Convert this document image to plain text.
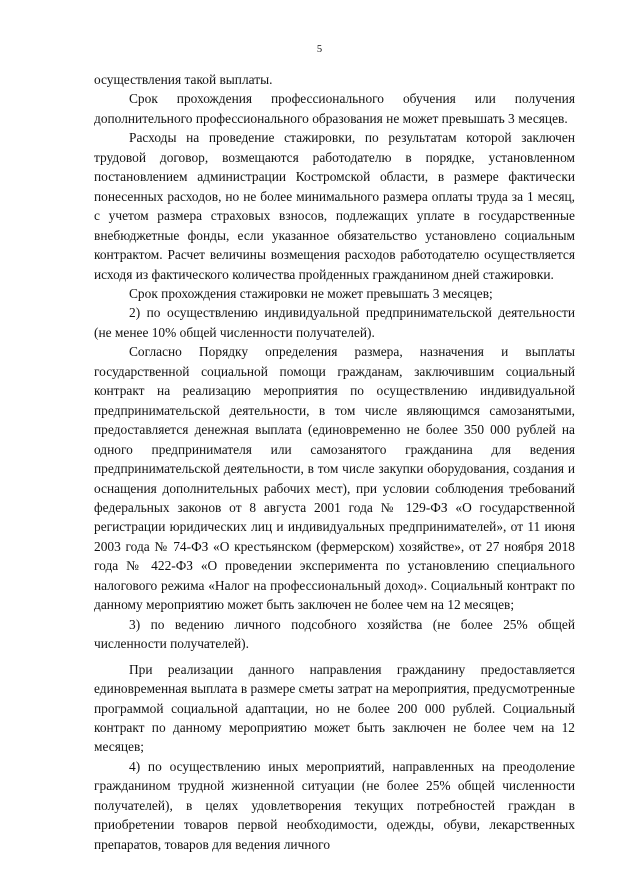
5

осуществления такой выплаты.

Срок прохождения профессионального обучения или получения дополнительного профессионального образования не может превышать 3 месяцев.

Расходы на проведение стажировки, по результатам которой заключен трудовой договор, возмещаются работодателю в порядке, установленном постановлением администрации Костромской области, в размере фактически понесенных расходов, но не более минимального размера оплаты труда за 1 месяц, с учетом размера страховых взносов, подлежащих уплате в государственные внебюджетные фонды, если указанное обязательство установлено социальным контрактом. Расчет величины возмещения расходов работодателю осуществляется исходя из фактического количества пройденных гражданином дней стажировки.

Срок прохождения стажировки не может превышать 3 месяцев;

2) по осуществлению индивидуальной предпринимательской деятельности (не менее 10% общей численности получателей).

Согласно Порядку определения размера, назначения и выплаты государственной социальной помощи гражданам, заключившим социальный контракт на реализацию мероприятия по осуществлению индивидуальной предпринимательской деятельности, в том числе являющимся самозанятыми, предоставляется денежная выплата (единовременно не более 350 000 рублей на одного предпринимателя или самозанятого гражданина для ведения предпринимательской деятельности, в том числе закупки оборудования, создания и оснащения дополнительных рабочих мест), при условии соблюдения требований федеральных законов от 8 августа 2001 года № 129-ФЗ «О государственной регистрации юридических лиц и индивидуальных предпринимателей», от 11 июня 2003 года № 74-ФЗ «О крестьянском (фермерском) хозяйстве», от 27 ноября 2018 года № 422-ФЗ «О проведении эксперимента по установлению специального налогового режима «Налог на профессиональный доход». Социальный контракт по данному мероприятию может быть заключен не более чем на 12 месяцев;

3) по ведению личного подсобного хозяйства (не более 25% общей численности получателей).

При реализации данного направления гражданину предоставляется единовременная выплата в размере сметы затрат на мероприятия, предусмотренные программой социальной адаптации, но не более 200 000 рублей. Социальный контракт по данному мероприятию может быть заключен не более чем на 12 месяцев;

4) по осуществлению иных мероприятий, направленных на преодоление гражданином трудной жизненной ситуации (не более 25% общей численности получателей), в целях удовлетворения текущих потребностей граждан в приобретении товаров первой необходимости, одежды, обуви, лекарственных препаратов, товаров для ведения личного
